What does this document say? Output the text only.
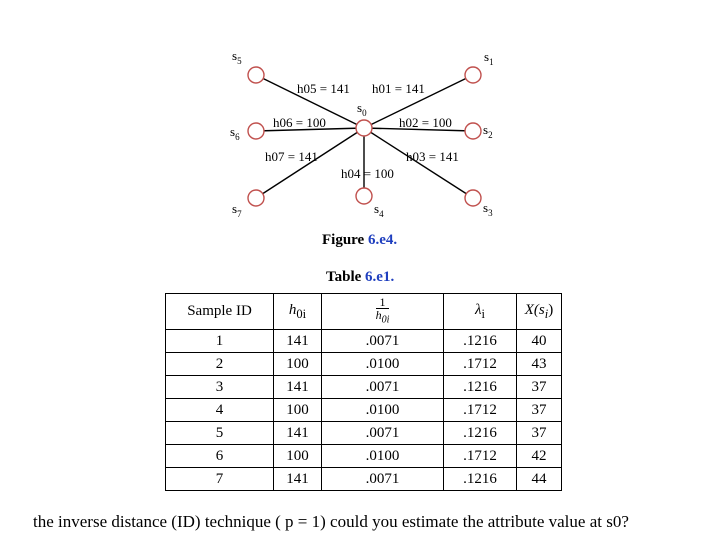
$s_0$
$s_1$
$s_2$
$s_3$
$s_4$
$s_5$
$s_6$
$s_7$
h05 = 141 h01 = 141
h06 = 100	h02 = 100
h07 = 141	h03 = 141
h04 = 100
Figure 6.e4.
Table 6.e1.
Sample ID	$h_{0i}$	$\frac{1}{h_{0i}}$	$\lambda_i$	$X(s_i)$
1	141	.0071	.1216	40
2	100	.0100	.1712	43
3	141	.0071	.1216	37
4	100	.0100	.1712	37
5	141	.0071	.1216	37
6	100	.0100	.1712	42
7	141	.0071	.1216	44
the inverse distance (ID) technique ( p = 1) could you estimate the attribute value at s0?
